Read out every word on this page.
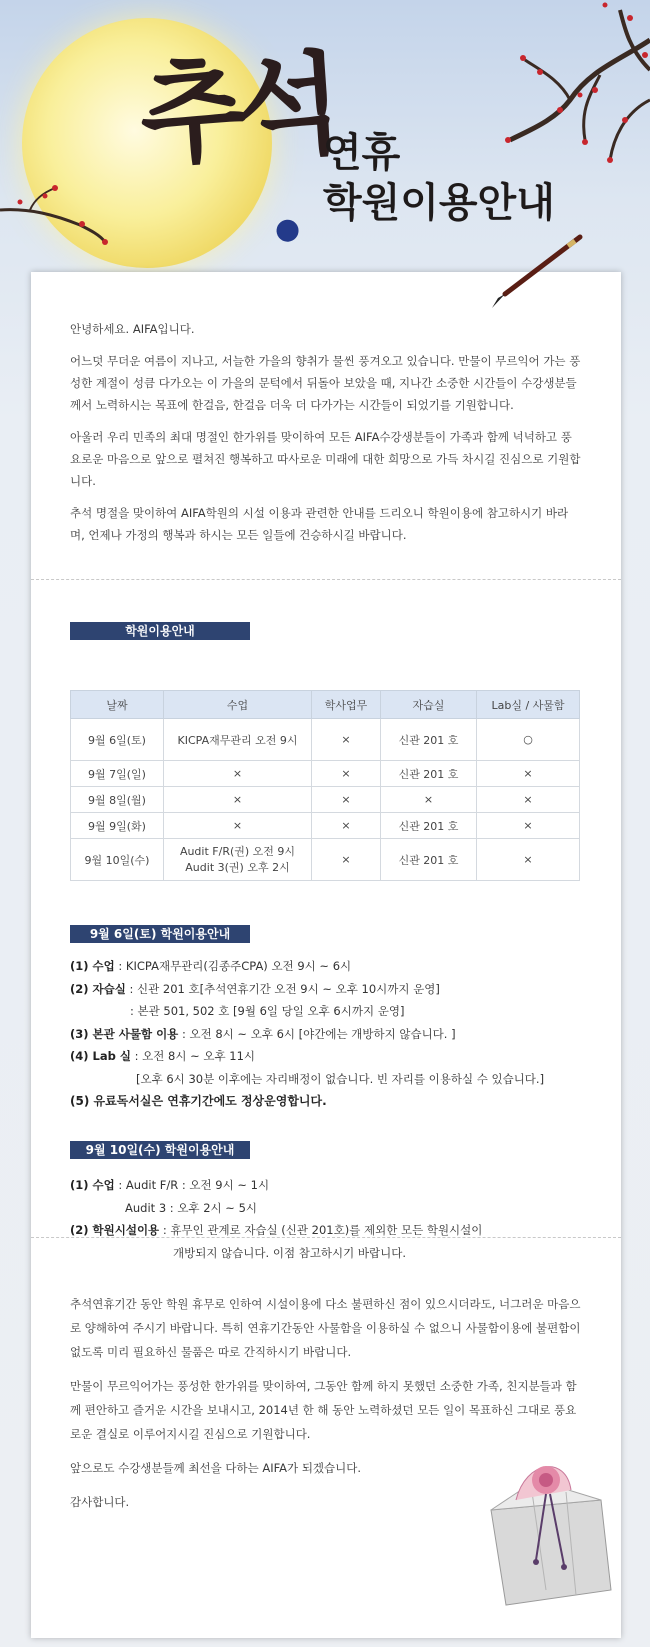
추석
연휴
학원이용안내

안녕하세요. AIFA입니다.

어느덧 무더운 여름이 지나고, 서늘한 가을의 향취가 물씬 풍겨오고 있습니다. 만물이 무르익어 가는 풍성한 계절이 성큼 다가오는 이 가을의 문턱에서 뒤돌아 보았을 때, 지나간 소중한 시간들이 수강생분들께서 노력하시는 목표에 한걸음, 한걸음 더욱 더 다가가는 시간들이 되었기를 기원합니다.

아울러 우리 민족의 최대 명절인 한가위를 맞이하여 모든 AIFA수강생분들이 가족과 함께 넉넉하고 풍요로운 마음으로 앞으로 펼쳐진 행복하고 따사로운 미래에 대한 희망으로 가득 차시길 진심으로 기원합니다.

추석 명절을 맞이하여 AIFA학원의 시설 이용과 관련한 안내를 드리오니 학원이용에 참고하시기 바라며, 언제나 가정의 행복과 하시는 모든 일들에 건승하시길 바랍니다.

학원이용안내
날짜	수업	학사업무	자습실	Lab실 / 사물함
9월 6일(토)	KICPA재무관리 오전 9시	×	신관 201 호	○
9월 7일(일)	×	×	신관 201 호	×
9월 8일(월)	×	×	×	×
9월 9일(화)	×	×	신관 201 호	×
9월 10일(수)	Audit F/R(권) 오전 9시
Audit 3(권) 오후 2시	×	신관 201 호	×
9월 6일(토) 학원이용안내
(1) 수업 : KICPA재무관리(김종주CPA) 오전 9시 ~ 6시
(2) 자습실 : 신관 201 호[추석연휴기간 오전 9시 ~ 오후 10시까지 운영]
: 본관 501, 502 호 [9월 6일 당일 오후 6시까지 운영]
(3) 본관 사물함 이용 : 오전 8시 ~ 오후 6시 [야간에는 개방하지 않습니다. ]
(4) Lab 실 : 오전 8시 ~ 오후 11시
[오후 6시 30분 이후에는 자리배정이 없습니다. 빈 자리를 이용하실 수 있습니다.]
(5) 유료독서실은 연휴기간에도 정상운영합니다.
9월 10일(수) 학원이용안내
(1) 수업 : Audit F/R : 오전 9시 ~ 1시
Audit 3 : 오후 2시 ~ 5시
(2) 학원시설이용 : 휴무인 관계로 자습실 (신관 201호)를 제외한 모든 학원시설이
개방되지 않습니다. 이점 참고하시기 바랍니다.

추석연휴기간 동안 학원 휴무로 인하여 시설이용에 다소 불편하신 점이 있으시더라도, 너그러운 마음으로 양해하여 주시기 바랍니다. 특히 연휴기간동안 사물함을 이용하실 수 없으니 사물함이용에 불편함이 없도록 미리 필요하신 물품은 따로 간직하시기 바랍니다.

만물이 무르익어가는 풍성한 한가위를 맞이하여, 그동안 함께 하지 못했던 소중한 가족, 친지분들과 함께 편안하고 즐거운 시간을 보내시고, 2014년 한 해 동안 노력하셨던 모든 일이 목표하신 그대로 풍요로운 결실로 이루어지시길 진심으로 기원합니다.

앞으로도 수강생분들께 최선을 다하는 AIFA가 되겠습니다.

감사합니다.
